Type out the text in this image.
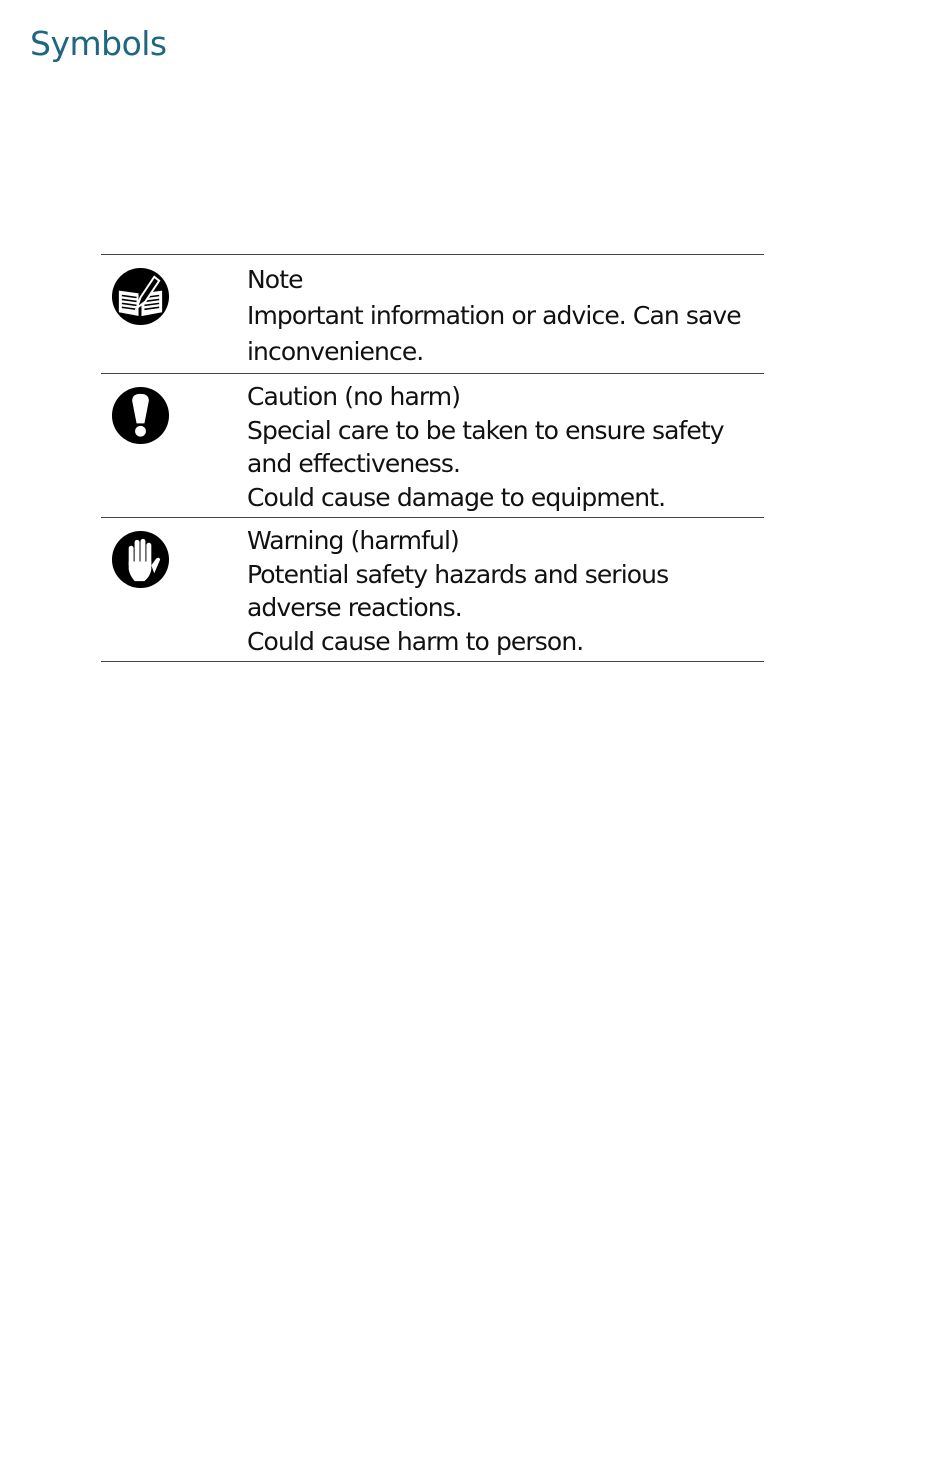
Symbols

Note

Important information or advice. Can save inconvenience.

Caution (no harm)

Special care to be taken to ensure safety and effectiveness.

Could cause damage to equipment.

Warning (harmful)

Potential safety hazards and serious adverse reactions.

Could cause harm to person.
